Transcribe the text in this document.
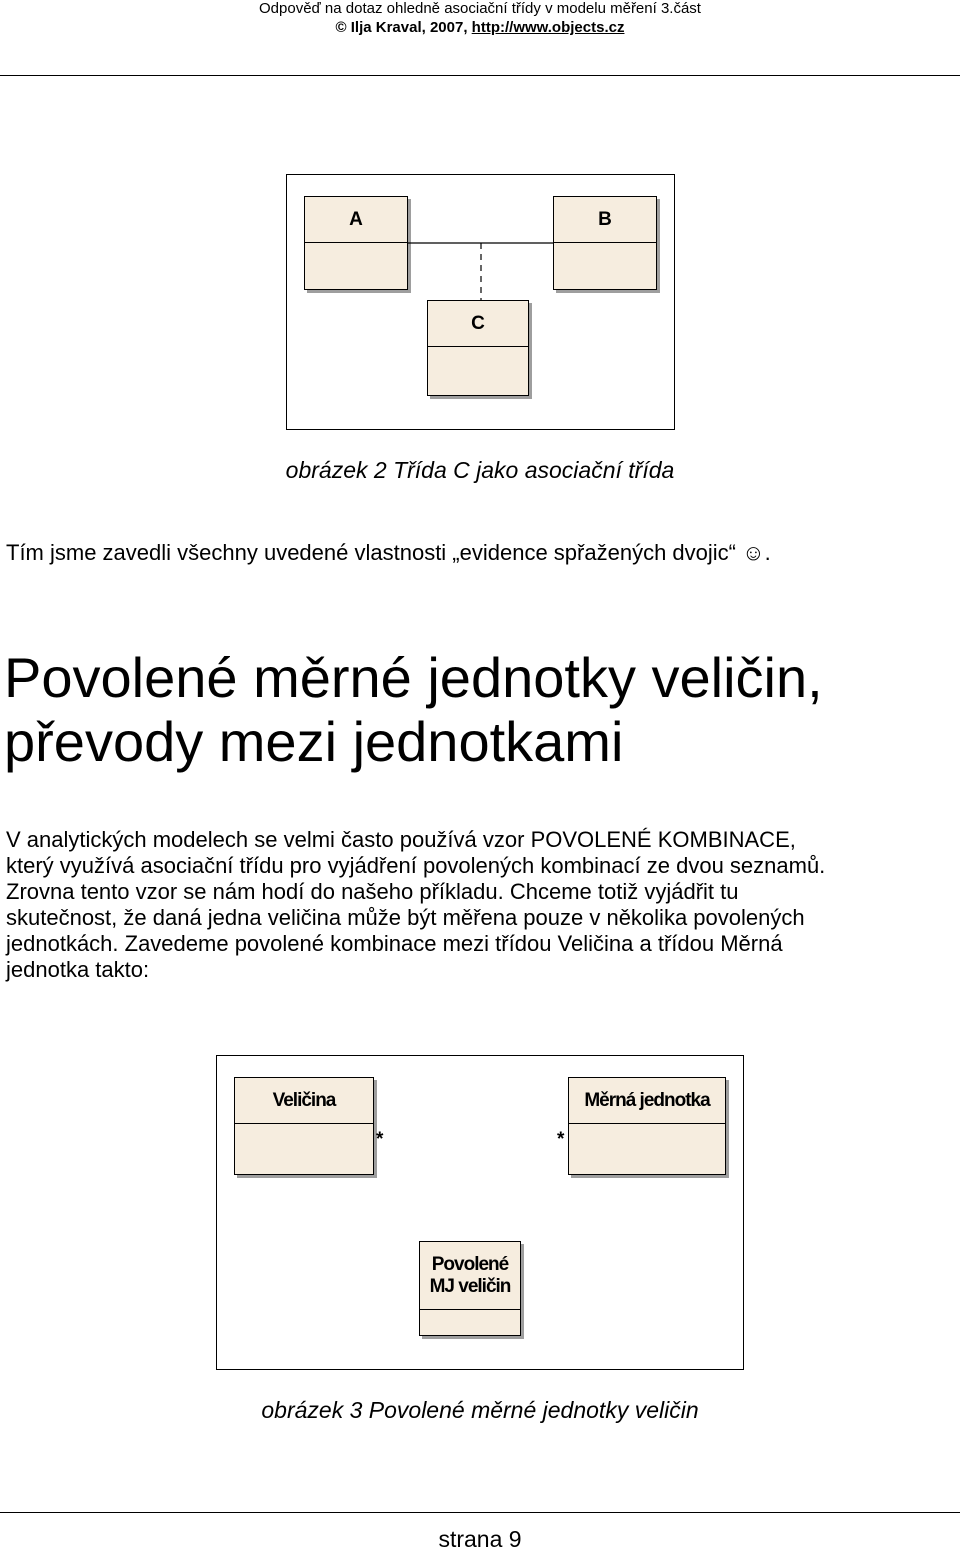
Odpověď na dotaz ohledně asociační třídy v modelu měření 3.část
© Ilja Kraval, 2007, http://www.objects.cz
A	B
C
obrázek 2 Třída C jako asociační třída
Tím jsme zavedli všechny uvedené vlastnosti „evidence spřažených dvojic“ ☺.
Povolené měrné jednotky veličin,
převody mezi jednotkami
V analytických modelech se velmi často používá vzor POVOLENÉ KOMBINACE,
který využívá asociační třídu pro vyjádření povolených kombinací ze dvou seznamů.
Zrovna tento vzor se nám hodí do našeho příkladu. Chceme totiž vyjádřit tu
skutečnost, že daná jedna veličina může být měřena pouze v několika povolených
jednotkách. Zavedeme povolené kombinace mezi třídou Veličina a třídou Měrná
jednotka takto:
Veličina	Měrná jednotka
Povolené
MJ veličin
*	*
obrázek 3 Povolené měrné jednotky veličin
strana 9
